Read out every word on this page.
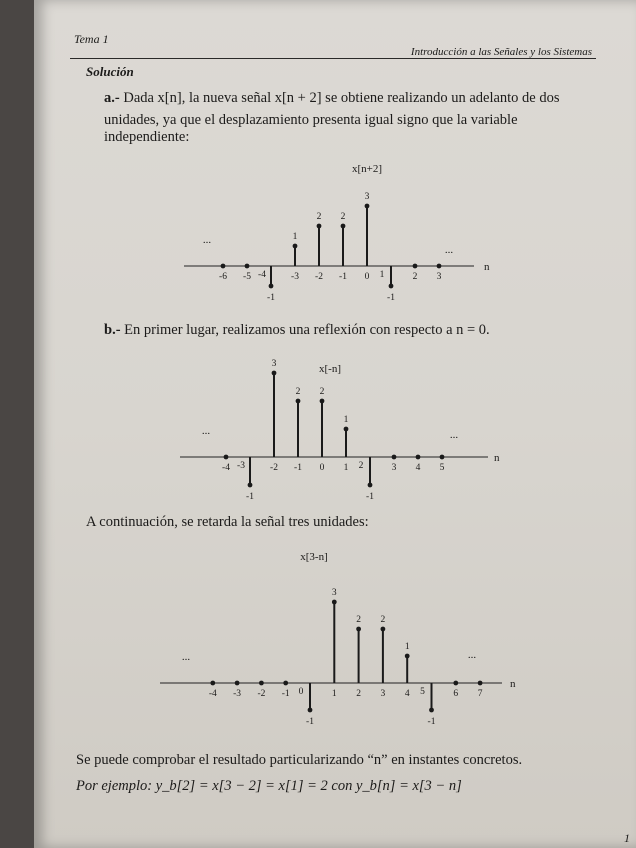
Tema 1
Introducción a las Señales y los Sistemas
Solución
a.- Dada x[n], la nueva señal x[n + 2] se obtiene realizando un adelanto de dos
unidades, ya que el desplazamiento presenta igual signo que la variable
independiente:
b.- En primer lugar, realizamos una reflexión con respecto a n = 0.
A continuación, se retarda la señal tres unidades:
Se puede comprobar el resultado particularizando “n” en instantes concretos.
Por ejemplo: y_b[2] = x[3 − 2] = x[1] = 2 con y_b[n] = x[3 − n]
1
x[n+2]
n
...
...
-6 -5 -4
-1
-3
1
-2
2
-1
2
0
3
1
-1
2 3
x[-n]
n
...	...
-4 -3
-1
-2
3
-1
2
0
2
1
1
2
-1
3 4 5
x[3-n]
n
...	...
-4 -3 -2 -1 0
-1
1
3
2
2
3
2
4
1
5
-1
6 7
